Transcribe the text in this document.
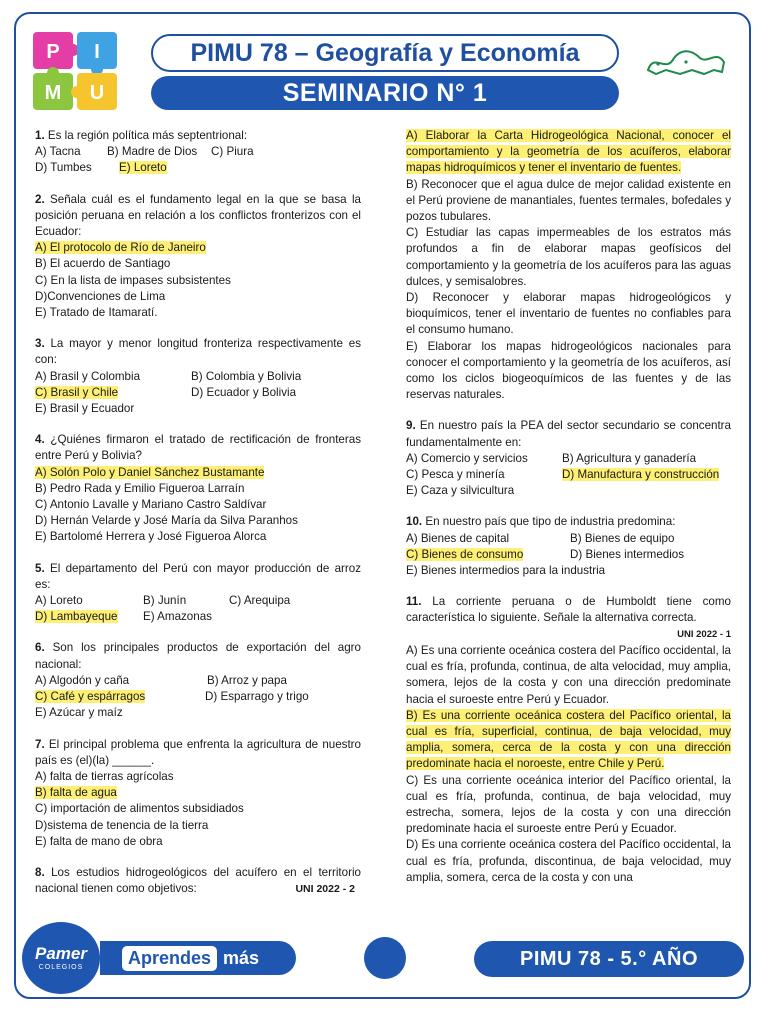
P I
M U
PIMU 78 – Geografía y Economía
SEMINARIO N° 1
1. Es la región política más septentrional:
A) Tacna	B) Madre de Dios	C) Piura
D) Tumbes	E) Loreto
2. Señala cuál es el fundamento legal en la que se basa la posición peruana en relación a los conflictos fronterizos con el Ecuador:
A) El protocolo de Río de Janeiro
B) El acuerdo de Santiago
C) En la lista de impases subsistentes
D)Convenciones de Lima
E) Tratado de Itamaratí.
3. La mayor y menor longitud fronteriza respectivamente es con:
A) Brasil y Colombia	B) Colombia y Bolivia
C) Brasil y Chile	D) Ecuador y Bolivia
E) Brasil y Ecuador
4. ¿Quiénes firmaron el tratado de rectificación de fronteras entre Perú y Bolivia?
A) Solón Polo y Daniel Sánchez Bustamante
B) Pedro Rada y Emilio Figueroa Larraín
C) Antonio Lavalle y Mariano Castro Saldívar
D) Hernán Velarde y José María da Silva Paranhos
E) Bartolomé Herrera y José Figueroa Alorca
5. El departamento del Perú con mayor producción de arroz es:
A) Loreto	B) Junín	C) Arequipa
D) Lambayeque	E) Amazonas
6. Son los principales productos de exportación del agro nacional:
A) Algodón y caña	B) Arroz y papa
C) Café y espárragos	D) Esparrago y trigo
E) Azúcar y maíz
7. El principal problema que enfrenta la agricultura de nuestro país es (el)(la) ______.
A) falta de tierras agrícolas
B) falta de agua
C) importación de alimentos subsidiados
D)sistema de tenencia de la tierra
E) falta de mano de obra
8. Los estudios hidrogeológicos del acuífero en el territorio nacional tienen como objetivos:	UNI 2022 - 2
A) Elaborar la Carta Hidrogeológica Nacional, conocer el comportamiento y la geometría de los acuíferos, elaborar mapas hidroquímicos y tener el inventario de fuentes.
B) Reconocer que el agua dulce de mejor calidad existente en el Perú proviene de manantiales, fuentes termales, bofedales y pozos tubulares.
C) Estudiar las capas impermeables de los estratos más profundos a fin de elaborar mapas geofísicos del comportamiento y la geometría de los acuíferos para las aguas dulces, y semisalobres.
D) Reconocer y elaborar mapas hidrogeológicos y bioquímicos, tener el inventario de fuentes no confiables para el consumo humano.
E) Elaborar los mapas hidrogeológicos nacionales para conocer el comportamiento y la geometría de los acuíferos, así como los ciclos biogeoquímicos de las fuentes y de las reservas naturales.
9. En nuestro país la PEA del sector secundario se concentra fundamentalmente en:
A) Comercio y servicios	B) Agricultura y ganadería
C) Pesca y minería	D) Manufactura y construcción
E) Caza y silvicultura
10. En nuestro país que tipo de industria predomina:
A) Bienes de capital	B) Bienes de equipo
C) Bienes de consumo	D) Bienes intermedios
E) Bienes intermedios para la industria
11. La corriente peruana o de Humboldt tiene como característica lo siguiente. Señale la alternativa correcta.
UNI 2022 - 1
A) Es una corriente oceánica costera del Pacífico occidental, la cual es fría, profunda, continua, de alta velocidad, muy amplia, somera, lejos de la costa y con una dirección predominate hacia el suroeste entre Perú y Ecuador.
B) Es una corriente oceánica costera del Pacífico oriental, la cual es fría, superficial, continua, de baja velocidad, muy amplia, somera, cerca de la costa y con una dirección predominate hacia el noroeste, entre Chile y Perú.
C) Es una corriente oceánica interior del Pacífico oriental, la cual es fría, profunda, continua, de baja velocidad, muy estrecha, somera, lejos de la costa y con una dirección predominate hacia el suroeste entre Perú y Ecuador.
D) Es una corriente oceánica costera del Pacífico occidental, la cual es fría, profunda, discontinua, de baja velocidad, muy amplia, somera, cerca de la costa y con una
Aprendes más
Pamer
COLEGIOS	PIMU 78 - 5.° AÑO
